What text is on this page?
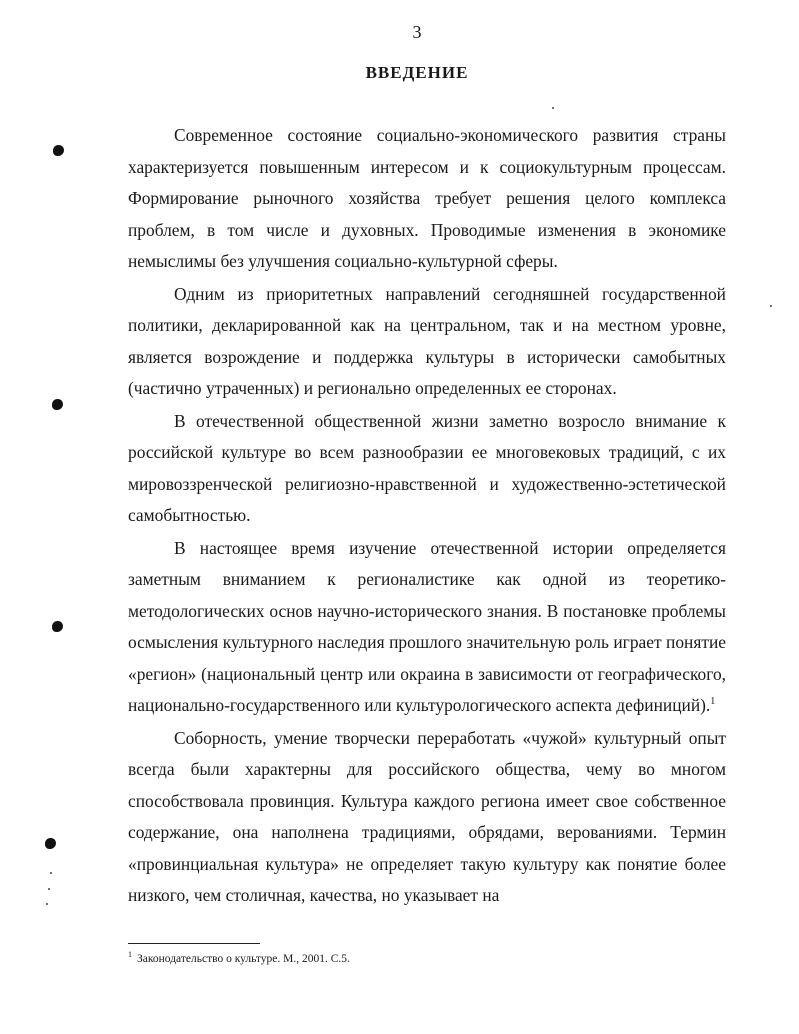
3
ВВЕДЕНИЕ

Современное состояние социально-экономического развития страны характеризуется повышенным интересом и к социокультурным процессам. Формирование рыночного хозяйства требует решения целого комплекса проблем, в том числе и духовных. Проводимые изменения в экономике немыслимы без улучшения социально-культурной сферы.

Одним из приоритетных направлений сегодняшней государственной политики, декларированной как на центральном, так и на местном уровне, является возрождение и поддержка культуры в исторически самобытных (частично утраченных) и регионально определенных ее сторонах.

В отечественной общественной жизни заметно возросло внимание к российской культуре во всем разнообразии ее многовековых традиций, с их мировоззренческой религиозно-нравственной и художественно-эстетической самобытностью.

В настоящее время изучение отечественной истории определяется заметным вниманием к регионалистике как одной из теоретико-методологических основ научно-исторического знания. В постановке проблемы осмысления культурного наследия прошлого значительную роль играет понятие «регион» (национальный центр или окраина в зависимости от географического, национально-государственного или культурологического аспекта дефиниций).$^1$

Соборность, умение творчески переработать «чужой» культурный опыт всегда были характерны для российского общества, чему во многом способствовала провинция. Культура каждого региона имеет свое собственное содержание, она наполнена традициями, обрядами, верованиями. Термин «провинциальная культура» не определяет такую культуру как понятие более низкого, чем столичная, качества, но указывает на

$^1$ Законодательство о культуре. М., 2001. С.5.
